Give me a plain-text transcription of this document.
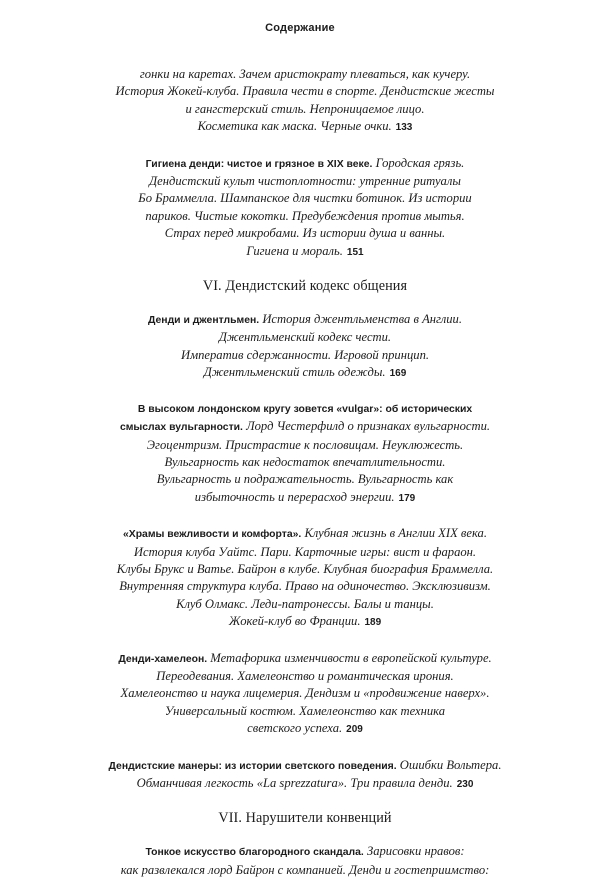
Содержание
гонки на каретах. Зачем аристократу плеваться, как кучеру.
История Жокей-клуба. Правила чести в спорте. Дендистские жесты
и гангстерский стиль. Непроницаемое лицо.
Косметика как маска. Черные очки. 133
Гигиена денди: чистое и грязное в XIX веке. Городская грязь.
Дендистский культ чистоплотности: утренние ритуалы
Бо Браммелла. Шампанское для чистки ботинок. Из истории
париков. Чистые кокотки. Предубеждения против мытья.
Страх перед микробами. Из истории душа и ванны.
Гигиена и мораль. 151
VI. Дендистский кодекс общения
Денди и джентльмен. История джентльменства в Англии.
Джентльменский кодекс чести.
Императив сдержанности. Игровой принцип.
Джентльменский стиль одежды. 169
В высоком лондонском кругу зовется «vulgar»: об исторических
смыслах вульгарности. Лорд Честерфилд о признаках вульгарности.
Эгоцентризм. Пристрастие к пословицам. Неуклюжесть.
Вульгарность как недостаток впечатлительности.
Вульгарность и подражательность. Вульгарность как
избыточность и перерасход энергии. 179
«Храмы вежливости и комфорта». Клубная жизнь в Англии XIX века.
История клуба Уайтс. Пари. Карточные игры: вист и фараон.
Клубы Брукс и Ватье. Байрон в клубе. Клубная биография Браммелла.
Внутренняя структура клуба. Право на одиночество. Эксклюзивизм.
Клуб Олмакс. Леди-патронессы. Балы и танцы.
Жокей-клуб во Франции. 189
Денди-хамелеон. Метафорика изменчивости в европейской культуре.
Переодевания. Хамелеонство и романтическая ирония.
Хамелеонство и наука лицемерия. Дендизм и «продвижение наверх».
Универсальный костюм. Хамелеонство как техника
светского успеха. 209
Дендистские манеры: из истории светского поведения. Ошибки Вольтера.
Обманчивая легкость «La sprezzatura». Три правила денди. 230
VII. Нарушители конвенций
Тонкое искусство благородного скандала. Зарисовки нравов:
как развлекался лорд Байрон с компанией. Денди и гостеприимство:
